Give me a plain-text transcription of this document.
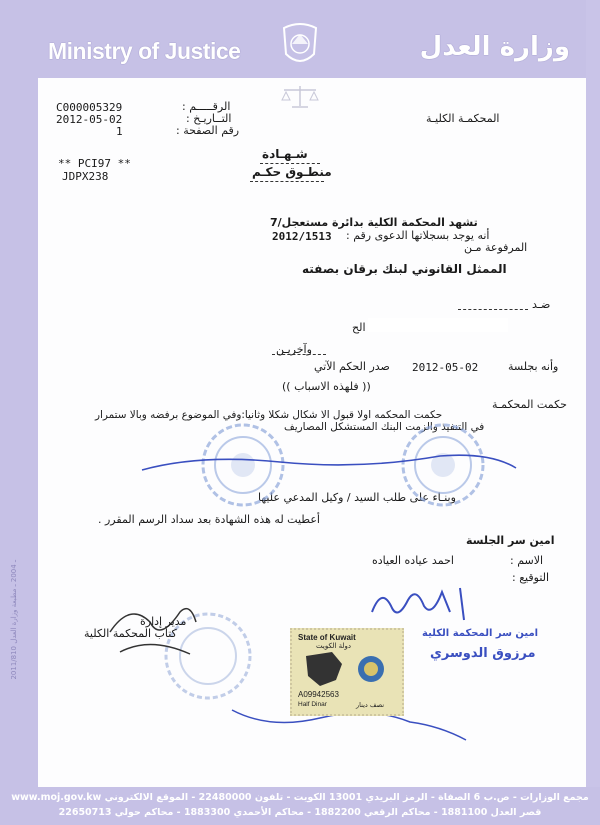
Ministry of Justice	وزارة العدل
C000005329	الرقـــــم :
2012-05-02	التــاريـخ :
1	رقم الصفحة :
المحكمـة الكليـة
** PCI97 **
JDPX238
شـهـادة
منطـوق حكـم
تشهد المحكمة الكلية بدائرة مستعجل/7
أنه يوجد بسجلاتها الدعوى رقم :
2012/1513
المرفوعة مـن
الممثل القانوني لبنك برقان بصفته
ضـد
الح
وآخريـن
وأنه بجلسة
2012-05-02
صدر الحكم الآتي
(( فلهذه الاسباب ))
حكمت المحكمـة
حكمت المحكمه اولا قبول الا شكال شكلا وثانيا:وفي الموضوع برفضه وبالا ستمرار
في التنفيذ والزمت البنك المستشكل المصاريف
وبنـاء على طلب السيد / وكيل المدعي عليها
أعطيت له هذه الشهادة بعد سداد الرسم المقرر .
امين سر الجلسة
الاسم :
احمد عياده العياده
التوقيع :
مدير إدارة
كتاب المحكمة الكلية	State of Kuwait
دولة الكويت
A09942563
Half Dinar	نصف دينار
امين سر المحكمة الكلية
مرزوق الدوسري
2011/810 ـ 2004 ـ مطبعة وزارة العدل
مجمع الوزارات - ص.ب 6 الصفاة - الرمز البريدي 13001 الكويت - تلفون 22480000 - الموقع الالكتروني www.moj.gov.kw
قصر العدل 1881100 - محاكم الرقعي 1882200 - محاكم الأحمدي 1883300 - محاكم حولي 22650713
